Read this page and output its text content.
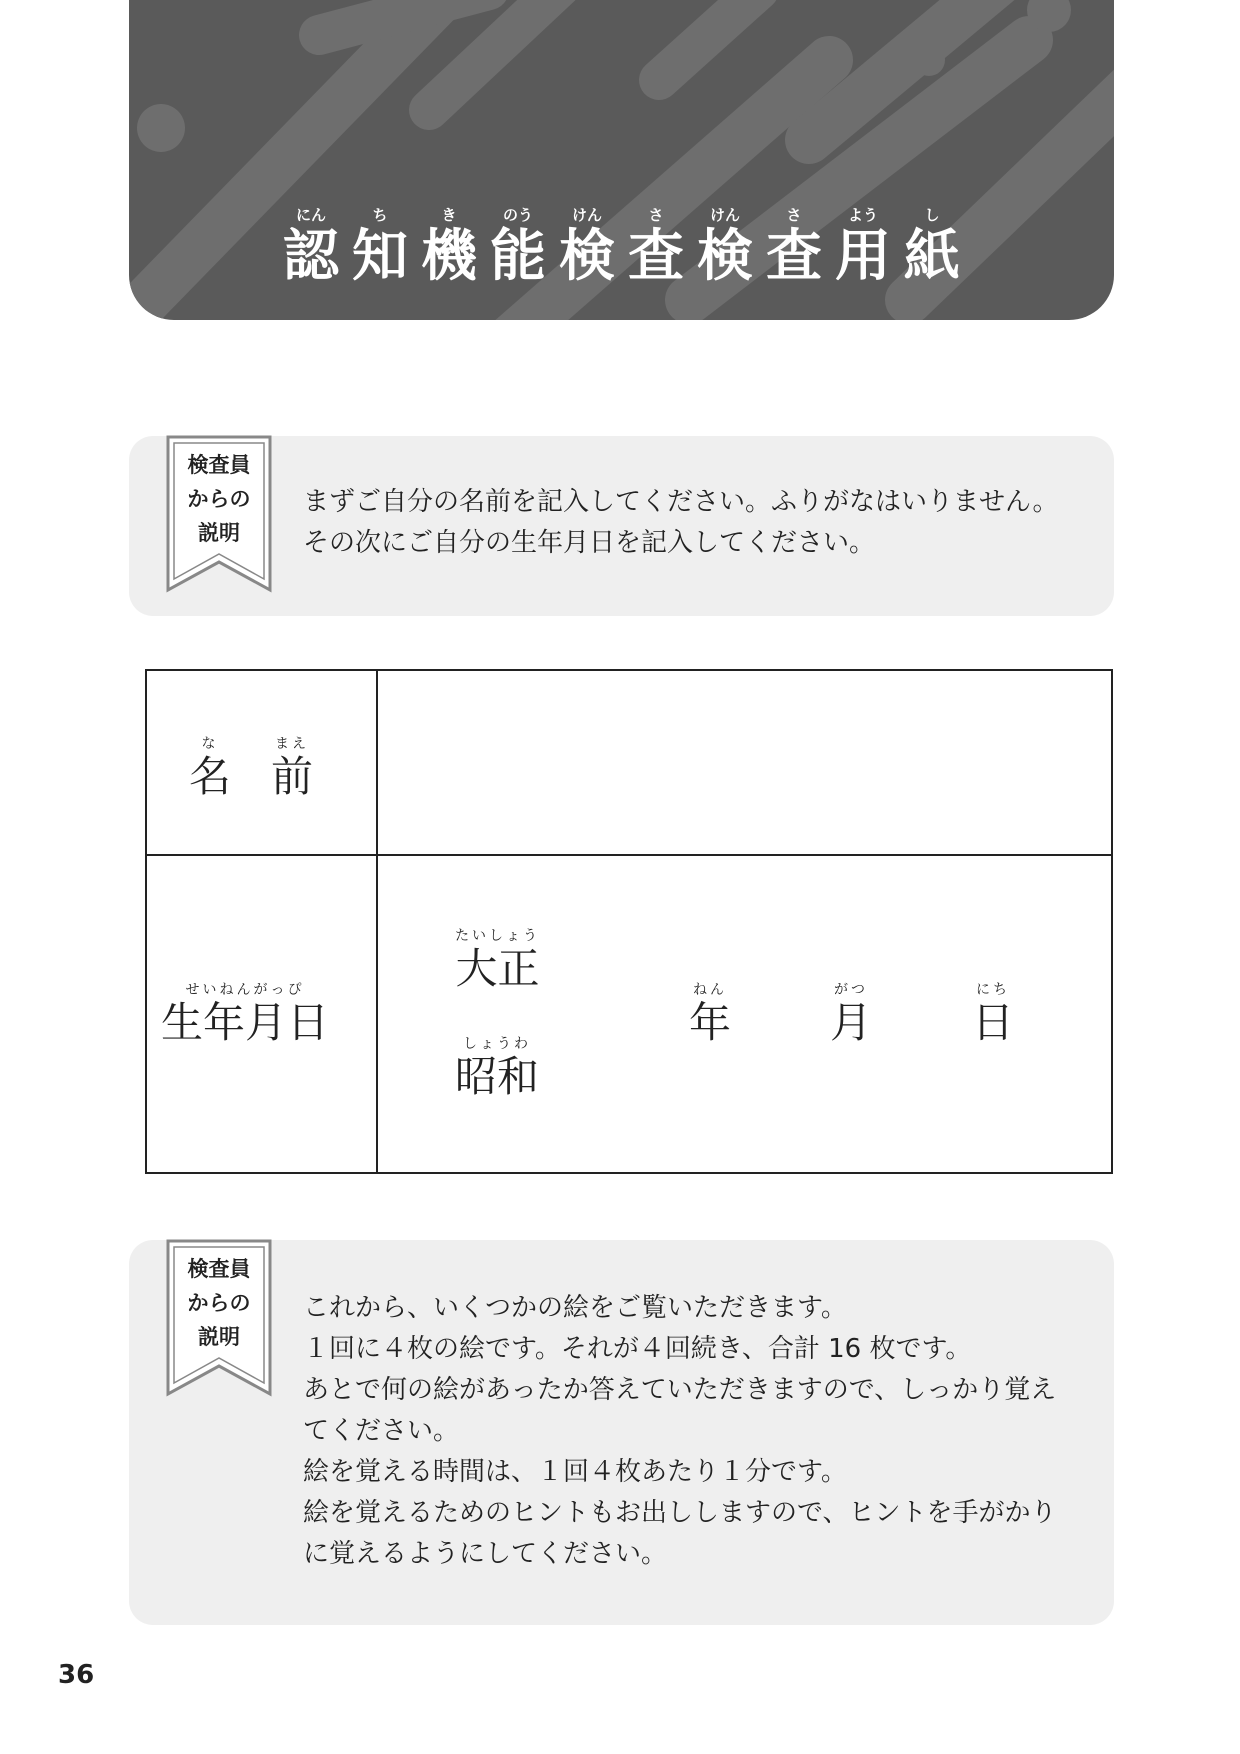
にん
認
ち
知
き
機
のう
能
けん
検
さ
査
けん
検
さ
査
よう
用
し
紙
検査員
からの
説明
まずご自分の名前を記入してください。ふりがなはいりません。
その次にご自分の生年月日を記入してください。
な
名
まえ
前
せいねんがっぴ
生年月日
たいしょう
大正
しょうわ
昭和
ねん
年
がつ
月
にち
日
検査員
からの
説明
これから、いくつかの絵をご覧いただきます。
１回に４枚の絵です。それが４回続き、合計 16 枚です。
あとで何の絵があったか答えていただきますので、しっかり覚え
てください。
絵を覚える時間は、１回４枚あたり１分です。
絵を覚えるためのヒントもお出ししますので、ヒントを手がかり
に覚えるようにしてください。
36
